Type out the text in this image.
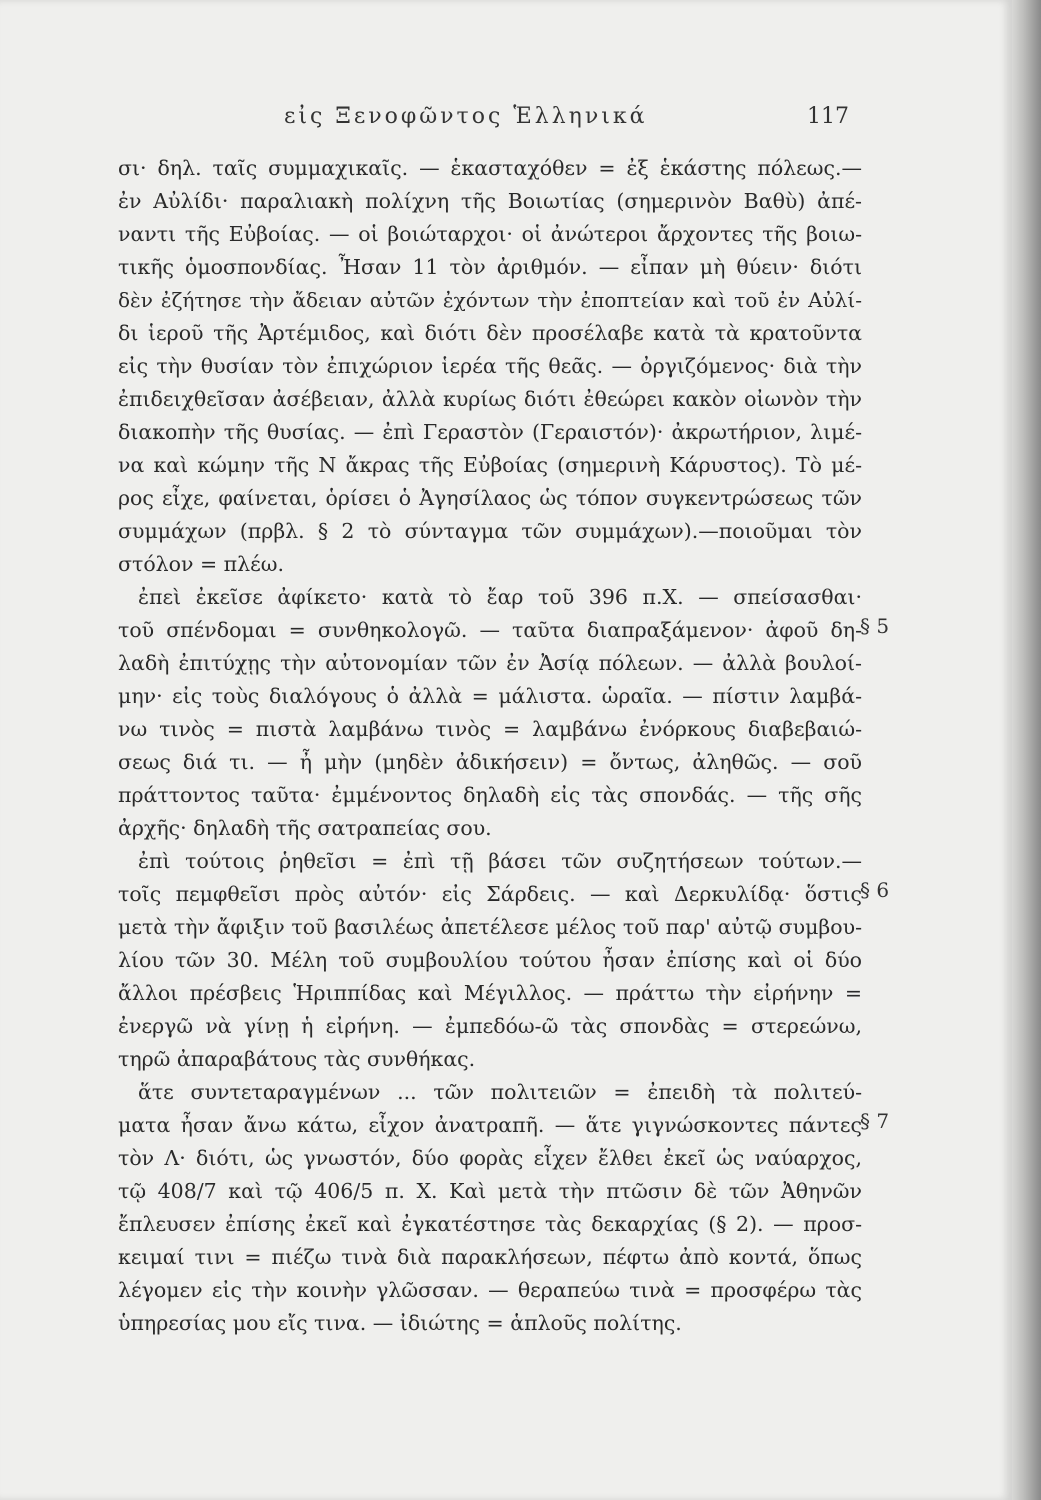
εἰς Ξενοφῶντος Ἑλληνικά	117
σι· δηλ. ταῖς συμμαχικαῖς. — ἑκασταχόθεν = ἐξ ἑκάστης πόλεως.—
ἐν Αὐλίδι· παραλιακὴ πολίχνη τῆς Βοιωτίας (σημερινὸν Βαθὺ) ἀπέ-
ναντι τῆς Εὐβοίας. — οἱ βοιώταρχοι· οἱ ἀνώτεροι ἄρχοντες τῆς βοιω-
τικῆς ὁμοσπονδίας. Ἦσαν 11 τὸν ἀριθμόν. — εἶπαν μὴ θύειν· διότι
δὲν ἐζήτησε τὴν ἄδειαν αὐτῶν ἐχόντων τὴν ἐποπτείαν καὶ τοῦ ἐν Αὐλί-
δι ἱεροῦ τῆς Ἀρτέμιδος, καὶ διότι δὲν προσέλαβε κατὰ τὰ κρατοῦντα
εἰς τὴν θυσίαν τὸν ἐπιχώριον ἱερέα τῆς θεᾶς. — ὀργιζόμενος· διὰ τὴν
ἐπιδειχθεῖσαν ἀσέβειαν, ἀλλὰ κυρίως διότι ἐθεώρει κακὸν οἰωνὸν τὴν
διακοπὴν τῆς θυσίας. — ἐπὶ Γεραστὸν (Γεραιστόν)· ἀκρωτήριον, λιμέ-
να καὶ κώμην τῆς Ν ἄκρας τῆς Εὐβοίας (σημερινὴ Κάρυστος). Τὸ μέ-
ρος εἶχε, φαίνεται, ὁρίσει ὁ Ἀγησίλαος ὡς τόπον συγκεντρώσεως τῶν
συμμάχων (πρβλ. § 2 τὸ σύνταγμα τῶν συμμάχων).—ποιοῦμαι τὸν
στόλον = πλέω.
ἐπεὶ ἐκεῖσε ἀφίκετο· κατὰ τὸ ἔαρ τοῦ 396 π.Χ. — σπείσασθαι·
τοῦ σπένδομαι = συνθηκολογῶ. — ταῦτα διαπραξάμενον· ἀφοῦ δη-
λαδὴ ἐπιτύχῃς τὴν αὐτονομίαν τῶν ἐν Ἀσίᾳ πόλεων. — ἀλλὰ βουλοί-
μην· εἰς τοὺς διαλόγους ὁ ἀλλὰ = μάλιστα. ὡραῖα. — πίστιν λαμβά-
νω τινὸς = πιστὰ λαμβάνω τινὸς = λαμβάνω ἐνόρκους διαβεβαιώ-
σεως διά τι. — ἦ μὴν (μηδὲν ἀδικήσειν) = ὄντως, ἀληθῶς. — σοῦ
πράττοντος ταῦτα· ἐμμένοντος δηλαδὴ εἰς τὰς σπονδάς. — τῆς σῆς
ἀρχῆς· δηλαδὴ τῆς σατραπείας σου.
ἐπὶ τούτοις ῥηθεῖσι = ἐπὶ τῇ βάσει τῶν συζητήσεων τούτων.—
τοῖς πεμφθεῖσι πρὸς αὐτόν· εἰς Σάρδεις. — καὶ Δερκυλίδᾳ· ὅστις
μετὰ τὴν ἄφιξιν τοῦ βασιλέως ἀπετέλεσε μέλος τοῦ παρ' αὐτῷ συμβου-
λίου τῶν 30. Μέλη τοῦ συμβουλίου τούτου ἦσαν ἐπίσης καὶ οἱ δύο
ἄλλοι πρέσβεις Ἡριππίδας καὶ Μέγιλλος. — πράττω τὴν εἰρήνην =
ἐνεργῶ νὰ γίνῃ ἡ εἰρήνη. — ἐμπεδόω-ῶ τὰς σπονδὰς = στερεώνω,
τηρῶ ἀπαραβάτους τὰς συνθήκας.
ἅτε συντεταραγμένων ... τῶν πολιτειῶν = ἐπειδὴ τὰ πολιτεύ-
ματα ἦσαν ἄνω κάτω, εἶχον ἀνατραπῆ. — ἅτε γιγνώσκοντες πάντες
τὸν Λ· διότι, ὡς γνωστόν, δύο φορὰς εἶχεν ἔλθει ἐκεῖ ὡς ναύαρχος,
τῷ 408/7 καὶ τῷ 406/5 π. Χ. Καὶ μετὰ τὴν πτῶσιν δὲ τῶν Ἀθηνῶν
ἔπλευσεν ἐπίσης ἐκεῖ καὶ ἐγκατέστησε τὰς δεκαρχίας (§ 2). — προσ-
κειμαί τινι = πιέζω τινὰ διὰ παρακλήσεων, πέφτω ἀπὸ κοντά, ὅπως
λέγομεν εἰς τὴν κοινὴν γλῶσσαν. — θεραπεύω τινὰ = προσφέρω τὰς
ὑπηρεσίας μου εἴς τινα. — ἰδιώτης = ἁπλοῦς πολίτης.
§ 5
§ 6
§ 7
